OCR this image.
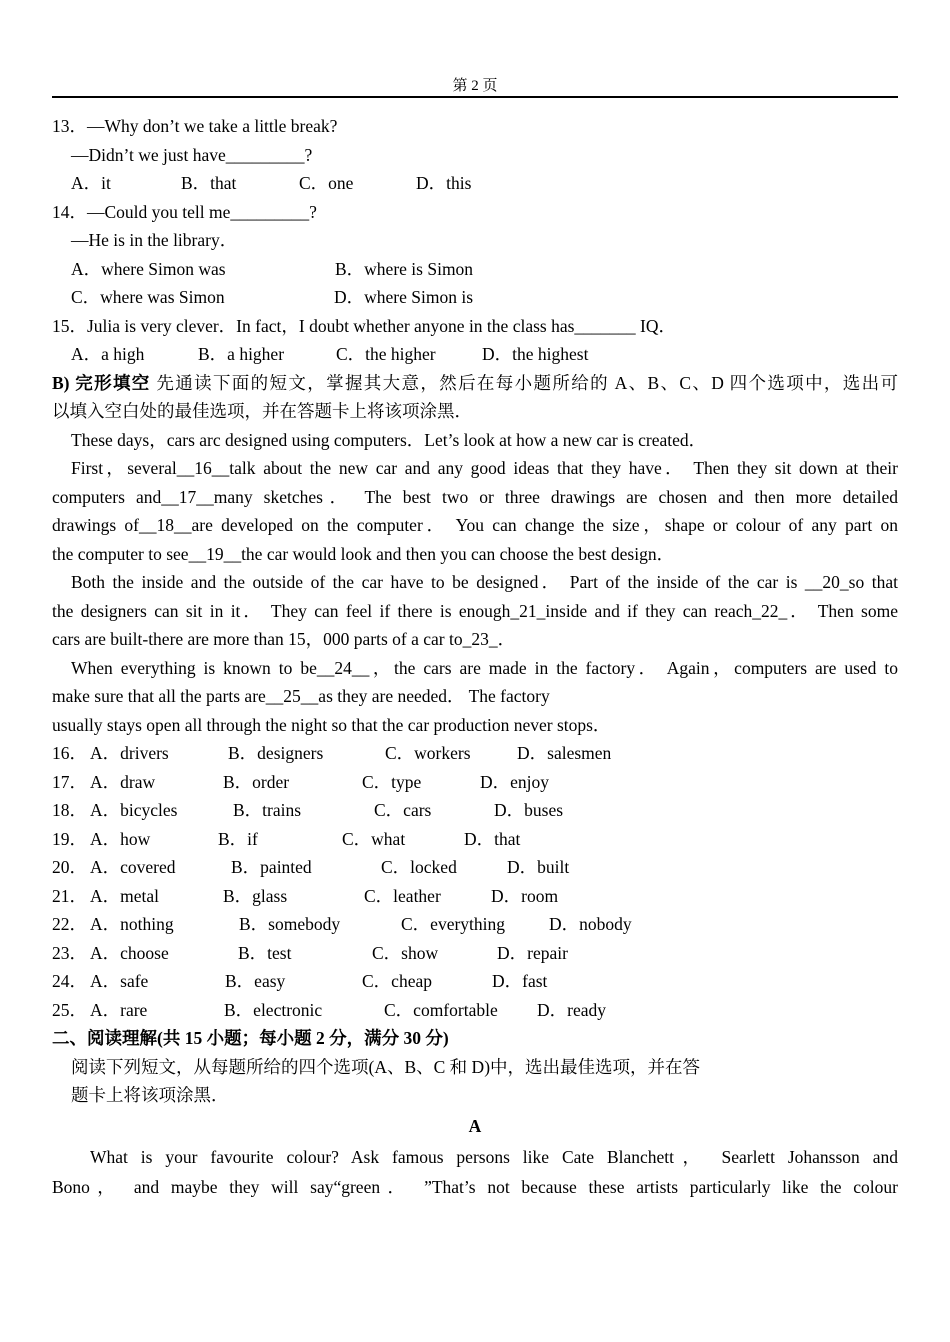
第 2 页
13．—Why don’t we take a little break?
—Didn’t we just have_________?
A．it	B．that	C．one	D．this
14．—Could you tell me_________?
—He is in the library．
A．where Simon was	B．where is Simon
C．where was Simon	D．where Simon is
15．Julia is very clever．In fact，I doubt whether anyone in the class has_______ IQ．
A．a high	B．a higher	C．the higher	D．the highest
B) 完形填空 先通读下面的短文，掌握其大意，然后在每小题所给的 A、B、C、D 四个选项中，选出可
以填入空白处的最佳选项，并在答题卡上将该项涂黑．
These days，cars arc designed using computers．Let’s look at how a new car is created．
First，several__16__talk about the new car and any good ideas that they have． Then they sit down at their
computers and__17__many sketches． The best two or three drawings are chosen and then more detailed
drawings of__18__are developed on the computer． You can change the size，shape or colour of any part on
the computer to see__19__the car would look and then you can choose the best design．
Both the inside and the outside of the car have to be designed． Part of the inside of the car is __20_so that
the designers can sit in it． They can feel if there is enough_21_inside and if they can reach_22_． Then some
cars are built-there are more than 15，000 parts of a car to_23_．
When everything is known to be__24__，the cars are made in the factory． Again，computers are used to
make sure that all the parts are__25__as they are needed． The factory
usually stays open all through the night so that the car production never stops．
16． A．drivers	B．designers	C．workers	D．salesmen
17． A．draw	B．order	C．type	D．enjoy
18． A．bicycles	B．trains	C．cars	D．buses
19． A．how	B．if	C．what	D．that
20． A．covered	B．painted	C．locked	D．built
21． A．metal	B．glass	C．leather	D．room
22． A．nothing	B．somebody	C．everything	D．nobody
23． A．choose	B．test	C．show	D．repair
24． A．safe	B．easy	C．cheap	D．fast
25． A．rare	B．electronic	C．comfortable D．ready
二、阅读理解(共 15 小题；每小题 2 分，满分 30 分)
阅读下列短文，从每题所给的四个选项(A、B、C 和 D)中，选出最佳选项，并在答
题卡上将该项涂黑．
A
What is your favourite colour? Ask famous persons like Cate Blanchett， Searlett Johansson and
Bono， and maybe they will say“green． ”That’s not because these artists particularly like the colour
